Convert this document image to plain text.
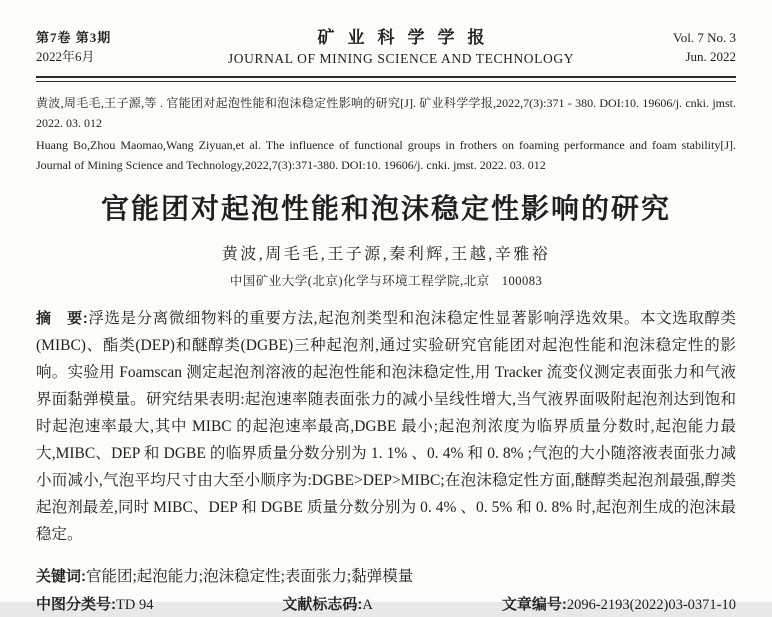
第7卷 第3期
2022年6月
矿业科学学报
JOURNAL OF MINING SCIENCE AND TECHNOLOGY
Vol. 7 No. 3
Jun. 2022

黄波,周毛毛,王子源,等 . 官能团对起泡性能和泡沫稳定性影响的研究[J]. 矿业科学学报,2022,7(3):371 - 380. DOI:10. 19606/j. cnki. jmst. 2022. 03. 012

Huang Bo,Zhou Maomao,Wang Ziyuan,et al. The influence of functional groups in frothers on foaming performance and foam stability[J]. Journal of Mining Science and Technology,2022,7(3):371-380. DOI:10. 19606/j. cnki. jmst. 2022. 03. 012

官能团对起泡性能和泡沫稳定性影响的研究
黄波,周毛毛,王子源,秦利辉,王越,辛雅裕
中国矿业大学(北京)化学与环境工程学院,北京 100083

摘　要:浮选是分离微细物料的重要方法,起泡剂类型和泡沫稳定性显著影响浮选效果。本文选取醇类(MIBC)、酯类(DEP)和醚醇类(DGBE)三种起泡剂,通过实验研究官能团对起泡性能和泡沫稳定性的影响。实验用 Foamscan 测定起泡剂溶液的起泡性能和泡沫稳定性,用 Tracker 流变仪测定表面张力和气液界面黏弹模量。研究结果表明:起泡速率随表面张力的减小呈线性增大,当气液界面吸附起泡剂达到饱和时起泡速率最大,其中 MIBC 的起泡速率最高,DGBE 最小;起泡剂浓度为临界质量分数时,起泡能力最大,MIBC、DEP 和 DGBE 的临界质量分数分别为 1. 1% 、0. 4% 和 0. 8% ;气泡的大小随溶液表面张力减小而减小,气泡平均尺寸由大至小顺序为:DGBE>DEP>MIBC;在泡沫稳定性方面,醚醇类起泡剂最强,醇类起泡剂最差,同时 MIBC、DEP 和 DGBE 质量分数分别为 0. 4% 、0. 5% 和 0. 8% 时,起泡剂生成的泡沫最稳定。

关键词:官能团;起泡能力;泡沫稳定性;表面张力;黏弹模量
中图分类号:TD 94	文献标志码:A	文章编号:2096-2193(2022)03-0371-10
